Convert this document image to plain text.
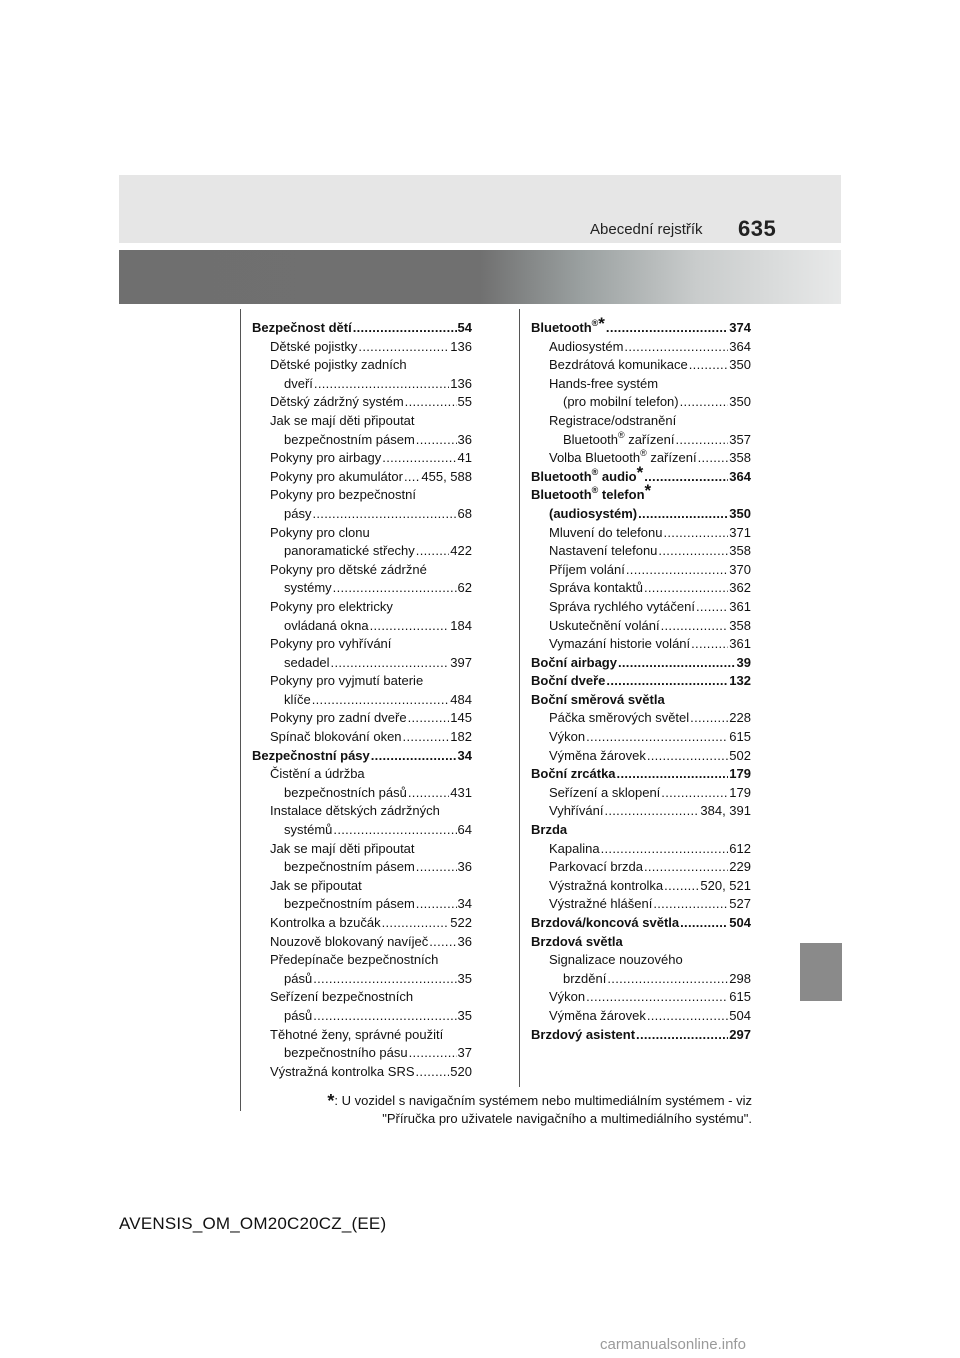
Abecední rejstřík 635
Bezpečnost dětí .....	54
Dětské pojistky .....	136
Dětské pojistky zadních
dveří .....	136
Dětský zádržný systém .....	55
Jak se mají děti připoutat
bezpečnostním pásem .....	36
Pokyny pro airbagy .....	41
Pokyny pro akumulátor ..... 455, 588
Pokyny pro bezpečnostní
pásy .....	68
Pokyny pro clonu
panoramatické střechy .....	422
Pokyny pro dětské zádržné
systémy .....	62
Pokyny pro elektricky
ovládaná okna .....	184
Pokyny pro vyhřívání
sedadel .....	397
Pokyny pro vyjmutí baterie
klíče .....	484
Pokyny pro zadní dveře .....	145
Spínač blokování oken .....	182
Bezpečnostní pásy .....	34
Čistění a údržba
bezpečnostních pásů .....	431
Instalace dětských zádržných
systémů .....	64
Jak se mají děti připoutat
bezpečnostním pásem .....	36
Jak se připoutat
bezpečnostním pásem .....	34
Kontrolka a bzučák .....	522
Nouzově blokovaný navíječ ..... 36
Předepínače bezpečnostních
pásů .....	35
Seřízení bezpečnostních
pásů .....	35
Těhotné ženy, správné použití
bezpečnostního pásu .....	37
Výstražná kontrolka SRS .....	520
Bluetooth®* .....	374
Audiosystém .....	364
Bezdrátová komunikace .....	350
Hands-free systém
(pro mobilní telefon) .....	350
Registrace/odstranění
Bluetooth® zařízení .....	357
Volba Bluetooth® zařízení .....	358
Bluetooth® audio* .....	364
Bluetooth® telefon*
(audiosystém) .....	350
Mluvení do telefonu .....	371
Nastavení telefonu .....	358
Příjem volání .....	370
Správa kontaktů .....	362
Správa rychlého vytáčení .....	361
Uskutečnění volání .....	358
Vymazání historie volání .....	361
Boční airbagy .....	39
Boční dveře .....	132
Boční směrová světla
Páčka směrových světel .....	228
Výkon .....	615
Výměna žárovek .....	502
Boční zrcátka .....	179
Seřízení a sklopení .....	179
Vyhřívání .....	384, 391
Brzda
Kapalina .....	612
Parkovací brzda .....	229
Výstražná kontrolka .....	520, 521
Výstražné hlášení .....	527
Brzdová/koncová světla .....	504
Brzdová světla
Signalizace nouzového
brzdění .....	298
Výkon .....	615
Výměna žárovek .....	504
Brzdový asistent .....	297
*: U vozidel s navigačním systémem nebo multimediálním systémem - viz
"Příručka pro uživatele navigačního a multimediálního systému".
AVENSIS_OM_OM20C20CZ_(EE)
carmanualsonline.info
